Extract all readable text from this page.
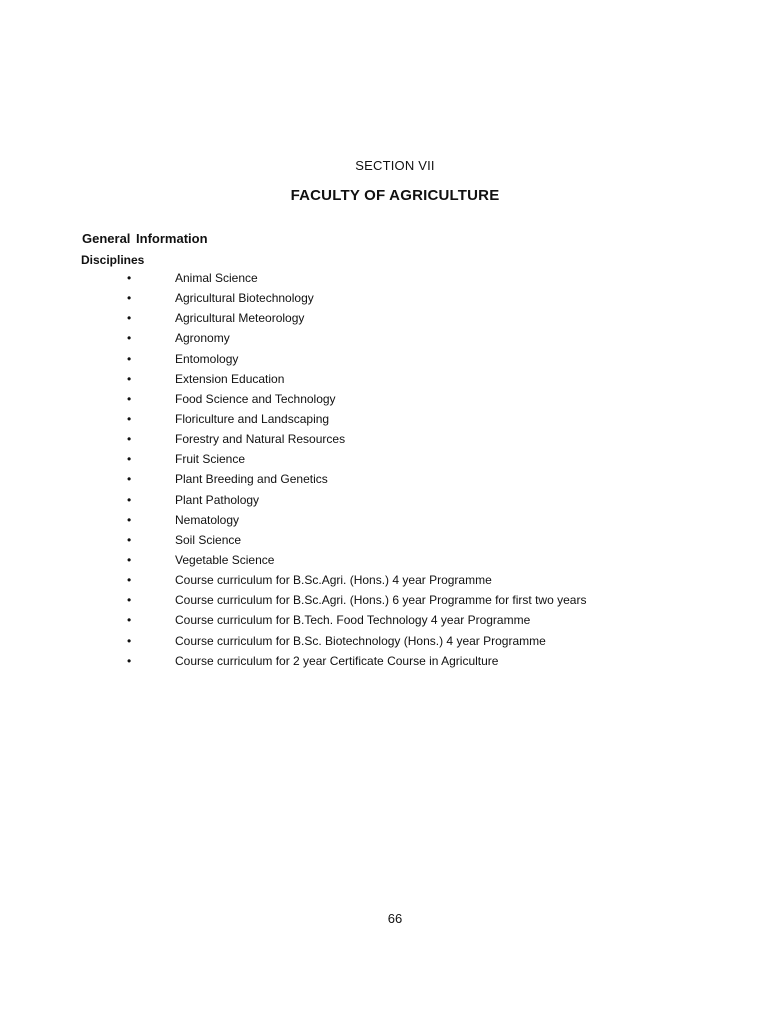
SECTION VII
FACULTY OF AGRICULTURE
General Information
Disciplines
•	Animal Science
•	Agricultural Biotechnology
•	Agricultural Meteorology
•	Agronomy
•	Entomology
•	Extension Education
•	Food Science and Technology
•	Floriculture and Landscaping
•	Forestry and Natural Resources
•	Fruit Science
•	Plant Breeding and Genetics
•	Plant Pathology
•	Nematology
•	Soil Science
•	Vegetable Science
•	Course curriculum for B.Sc.Agri. (Hons.) 4 year Programme
•	Course curriculum for B.Sc.Agri. (Hons.) 6 year Programme for first two years
•	Course curriculum for B.Tech. Food Technology 4 year Programme
•	Course curriculum for B.Sc. Biotechnology (Hons.) 4 year Programme
•	Course curriculum for 2 year Certificate Course in Agriculture
66
